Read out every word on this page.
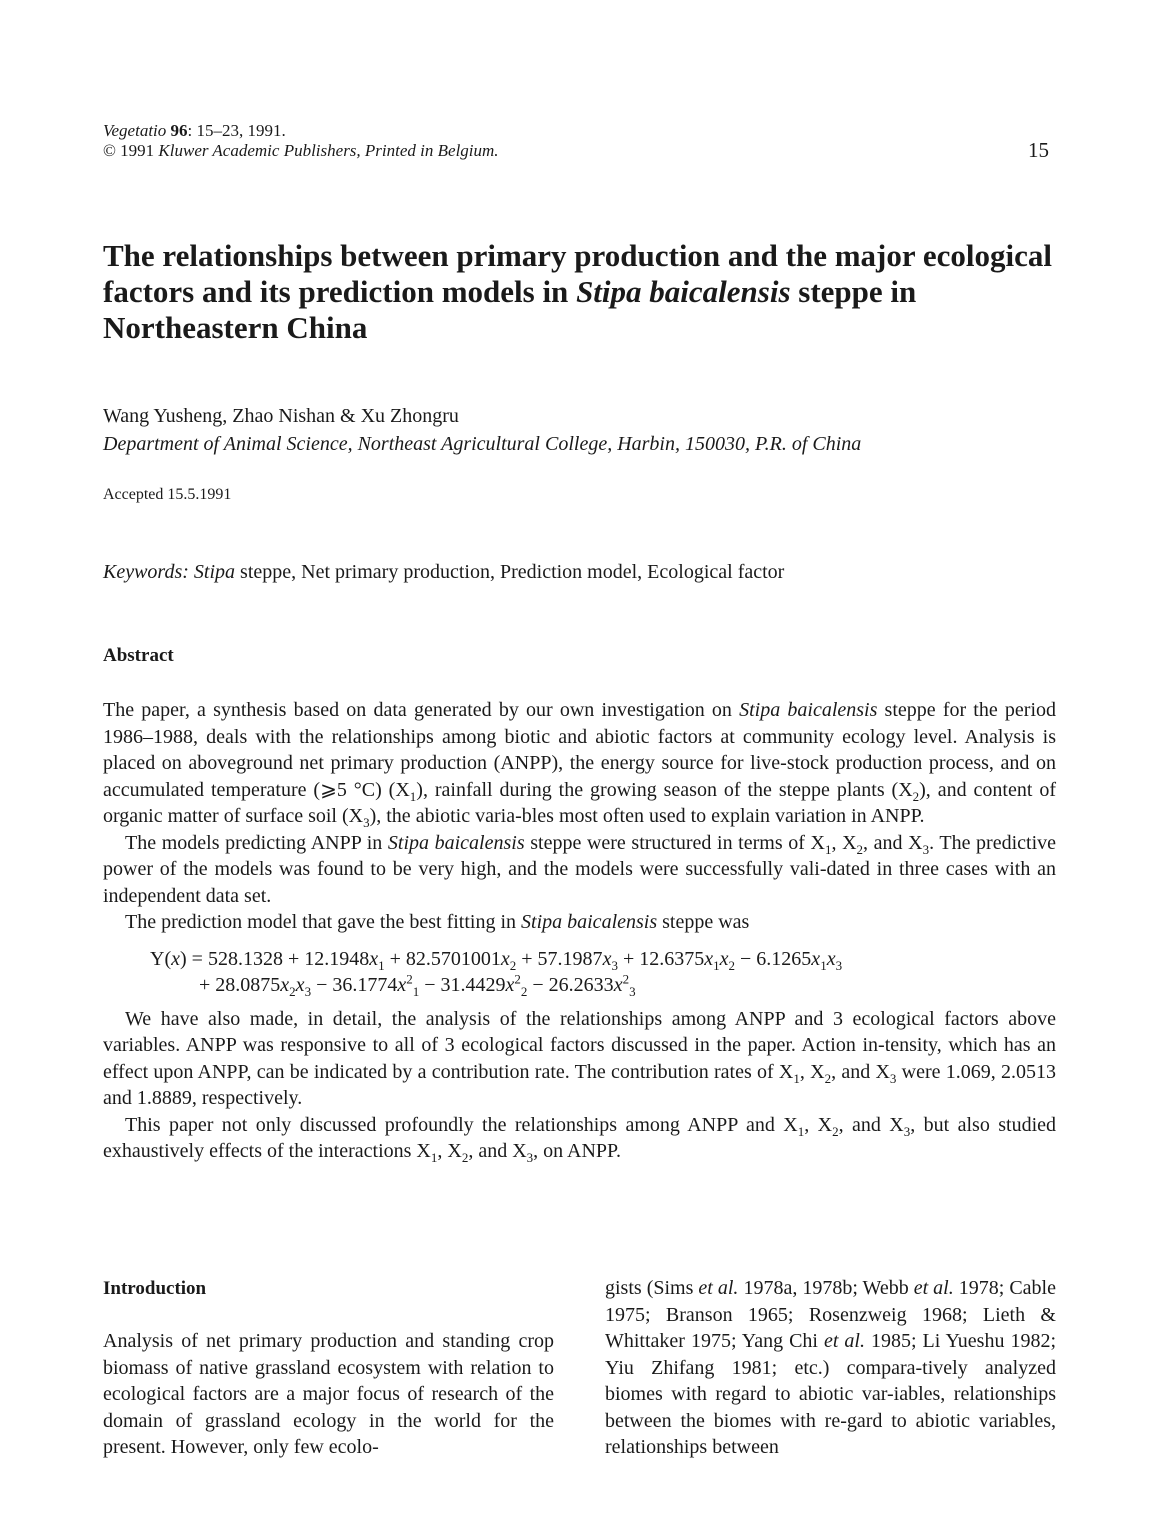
Vegetatio 96: 15–23, 1991.
© 1991 Kluwer Academic Publishers, Printed in Belgium.	15
The relationships between primary production and the major ecological factors and its prediction models in Stipa baicalensis steppe in Northeastern China
Wang Yusheng, Zhao Nishan & Xu Zhongru
Department of Animal Science, Northeast Agricultural College, Harbin, 150030, P.R. of China
Accepted 15.5.1991
Keywords: Stipa steppe, Net primary production, Prediction model, Ecological factor
Abstract

The paper, a synthesis based on data generated by our own investigation on Stipa baicalensis steppe for the period 1986–1988, deals with the relationships among biotic and abiotic factors at community ecology level. Analysis is placed on aboveground net primary production (ANPP), the energy source for live-stock production process, and on accumulated temperature (⩾5 °C) $(X_1)$, rainfall during the growing season of the steppe plants $(X_2)$, and content of organic matter of surface soil $(X_3)$, the abiotic varia-bles most often used to explain variation in ANPP.

The models predicting ANPP in Stipa baicalensis steppe were structured in terms of $X_1$, $X_2$, and $X_3$. The predictive power of the models was found to be very high, and the models were successfully vali-dated in three cases with an independent data set.

The prediction model that gave the best fitting in Stipa baicalensis steppe was

$Y(x) = 528.1328 + 12.1948x_1 + 82.5701001x_2 + 57.1987x_3 + 12.6375x_1x_2 - 6.1265x_1x_3$
+ $28.0875x_2x_3 - 36.1774x^2_1 - 31.4429x^2_2 - 26.2633x^2_3$

We have also made, in detail, the analysis of the relationships among ANPP and 3 ecological factors above variables. ANPP was responsive to all of 3 ecological factors discussed in the paper. Action in-tensity, which has an effect upon ANPP, can be indicated by a contribution rate. The contribution rates of $X_1$, $X_2$, and $X_3$ were 1.069, 2.0513 and 1.8889, respectively.

This paper not only discussed profoundly the relationships among ANPP and $X_1$, $X_2$, and $X_3$, but also studied exhaustively effects of the interactions $X_1$, $X_2$, and $X_3$, on ANPP.

Introduction

Analysis of net primary production and standing crop biomass of native grassland ecosystem with relation to ecological factors are a major focus of research of the domain of grassland ecology in the world for the present. However, only few ecolo-

gists (Sims et al. 1978a, 1978b; Webb et al. 1978; Cable 1975; Branson 1965; Rosenzweig 1968; Lieth & Whittaker 1975; Yang Chi et al. 1985; Li Yueshu 1982; Yiu Zhifang 1981; etc.) compara-tively analyzed biomes with regard to abiotic var-iables, relationships between the biomes with re-gard to abiotic variables, relationships between
